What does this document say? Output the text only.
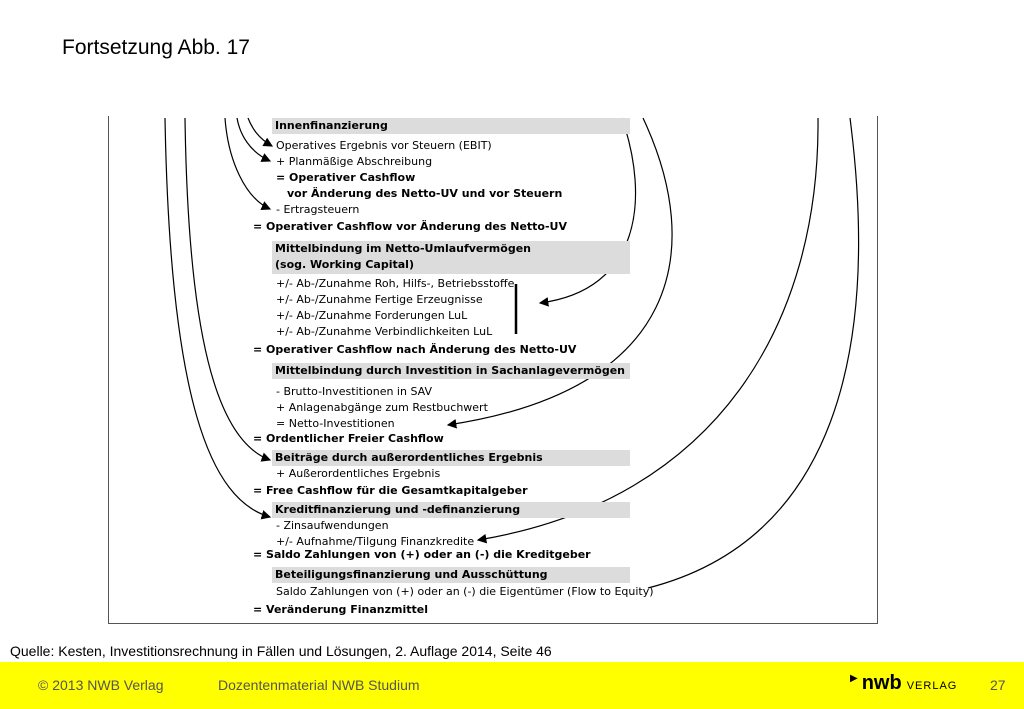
Fortsetzung Abb. 17
Innenfinanzierung
Operatives Ergebnis vor Steuern (EBIT)
+ Planmäßige Abschreibung
= Operativer Cashflow
vor Änderung des Netto-UV und vor Steuern
- Ertragsteuern
= Operativer Cashflow vor Änderung des Netto-UV
Mittelbindung im Netto-Umlaufvermögen
(sog. Working Capital)
+/- Ab-/Zunahme Roh, Hilfs-, Betriebsstoffe
+/- Ab-/Zunahme Fertige Erzeugnisse
+/- Ab-/Zunahme Forderungen LuL
+/- Ab-/Zunahme Verbindlichkeiten LuL
= Operativer Cashflow nach Änderung des Netto-UV
Mittelbindung durch Investition in Sachanlagevermögen
- Brutto-Investitionen in SAV
+ Anlagenabgänge zum Restbuchwert
= Netto-Investitionen
= Ordentlicher Freier Cashflow
Beiträge durch außerordentliches Ergebnis
+ Außerordentliches Ergebnis
= Free Cashflow für die Gesamtkapitalgeber
Kreditfinanzierung und -definanzierung
- Zinsaufwendungen
+/- Aufnahme/Tilgung Finanzkredite
= Saldo Zahlungen von (+) oder an (-) die Kreditgeber
Beteiligungsfinanzierung und Ausschüttung
Saldo Zahlungen von (+) oder an (-) die Eigentümer (Flow to Equity)
= Veränderung Finanzmittel
Quelle: Kesten, Investitionsrechnung in Fällen und Lösungen, 2. Auflage 2014, Seite 46
© 2013 NWB Verlag	Dozentenmaterial NWB Studium	▶ nwb VERLAG 27
